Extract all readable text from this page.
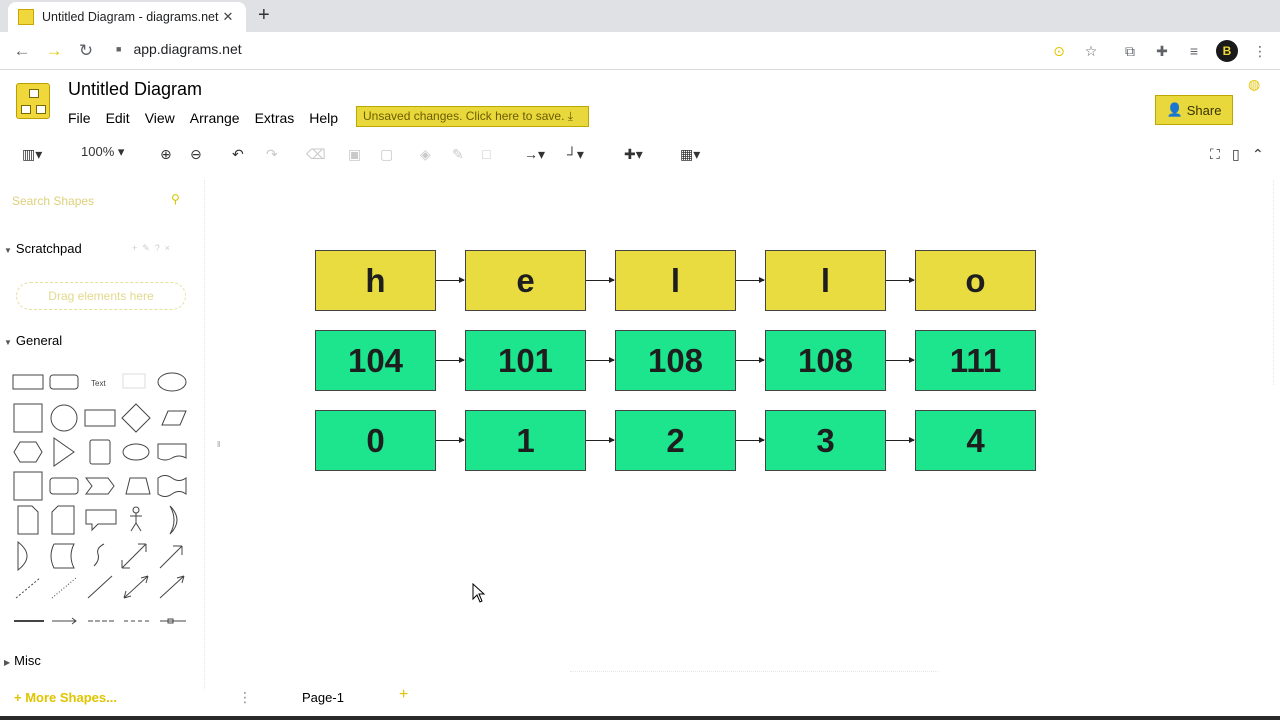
Untitled Diagram - diagrams.net ✕ +
← → ↻	■ app.diagrams.net	⊙ ☆	⧉	✚	≡	⋮
B
Untitled Diagram
File Edit View Arrange Extras Help	Unsaved changes. Click here to save. ⤓	👤 Share
◍
▥▾	⊕ ⊖ ↶ ↷ ⌫ ▣ ▢ ◈ ✎ □ →▾ ┘▾	✚▾	▦▾	⛶ ▯ ⌃
100% ▾
Search Shapes
⚲
▼ Scratchpad	+✎?×
Drag elements here
▼ General
Text
▶ Misc
+ More Shapes...	⋮
‖
h	e	l	l	o
104	101	108	108	111
0	1	2	3	4
Page-1	+
